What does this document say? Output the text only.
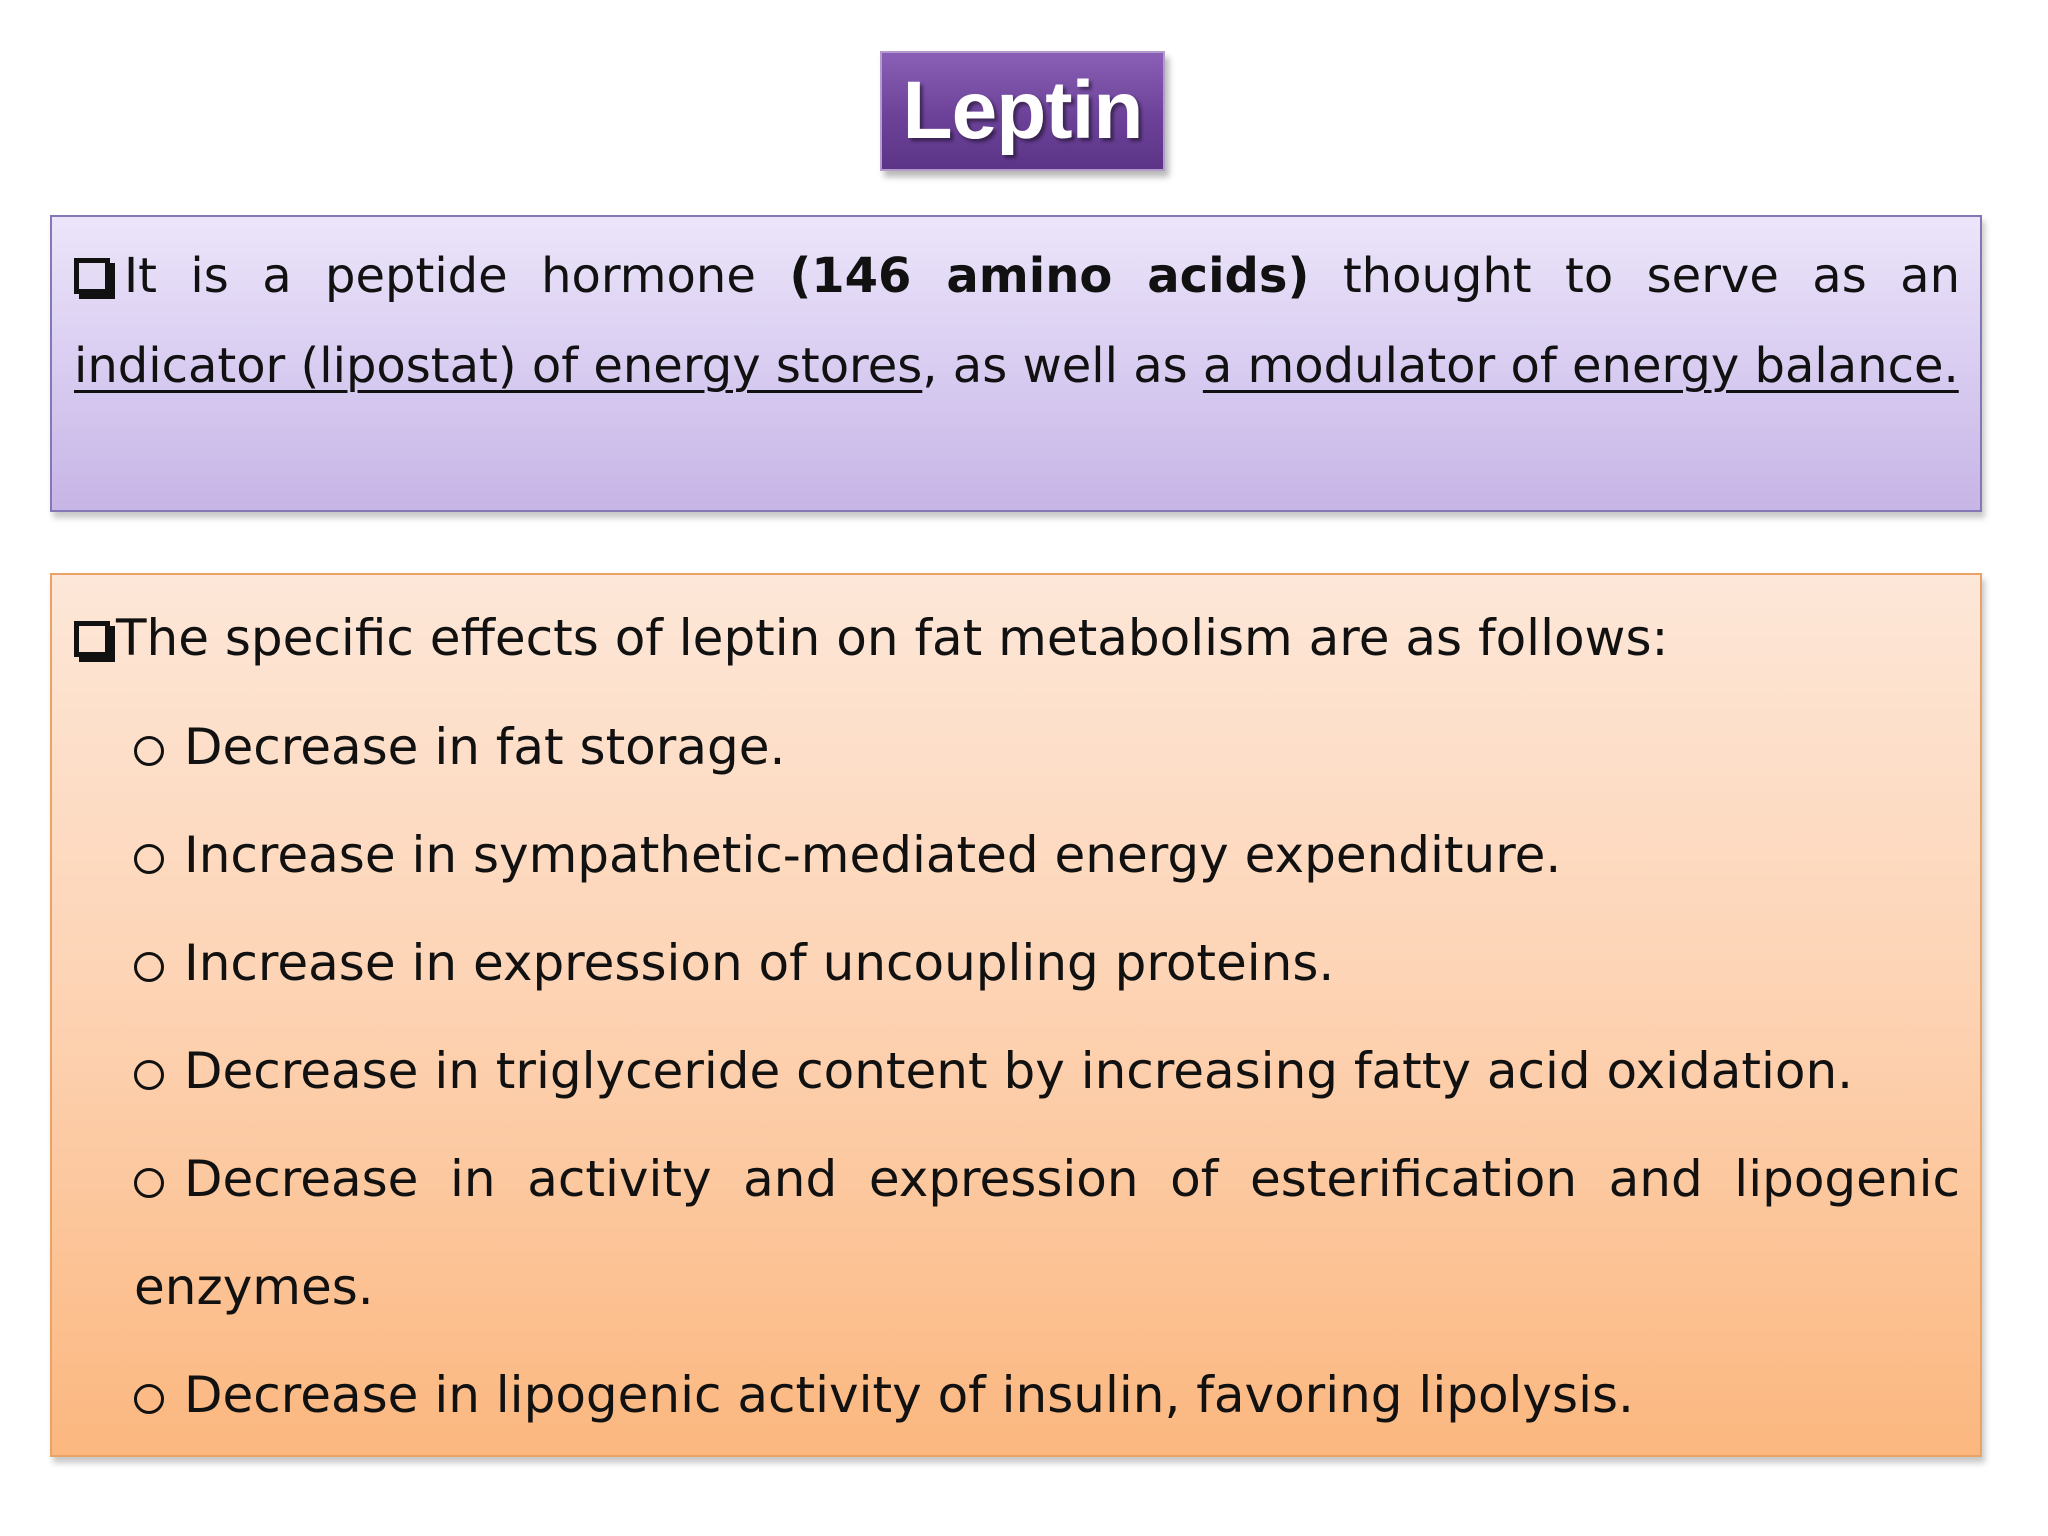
Leptin
It is a peptide hormone (146 amino acids) thought to serve as an indicator (lipostat) of energy stores, as well as a modulator of energy balance.
The specific effects of leptin on fat metabolism are as follows:
Decrease in fat storage.
Increase in sympathetic-mediated energy expenditure.
Increase in expression of uncoupling proteins.
Decrease in triglyceride content by increasing fatty acid oxidation.
Decrease in activity and expression of esterification and lipogenic enzymes.
Decrease in lipogenic activity of insulin, favoring lipolysis.
